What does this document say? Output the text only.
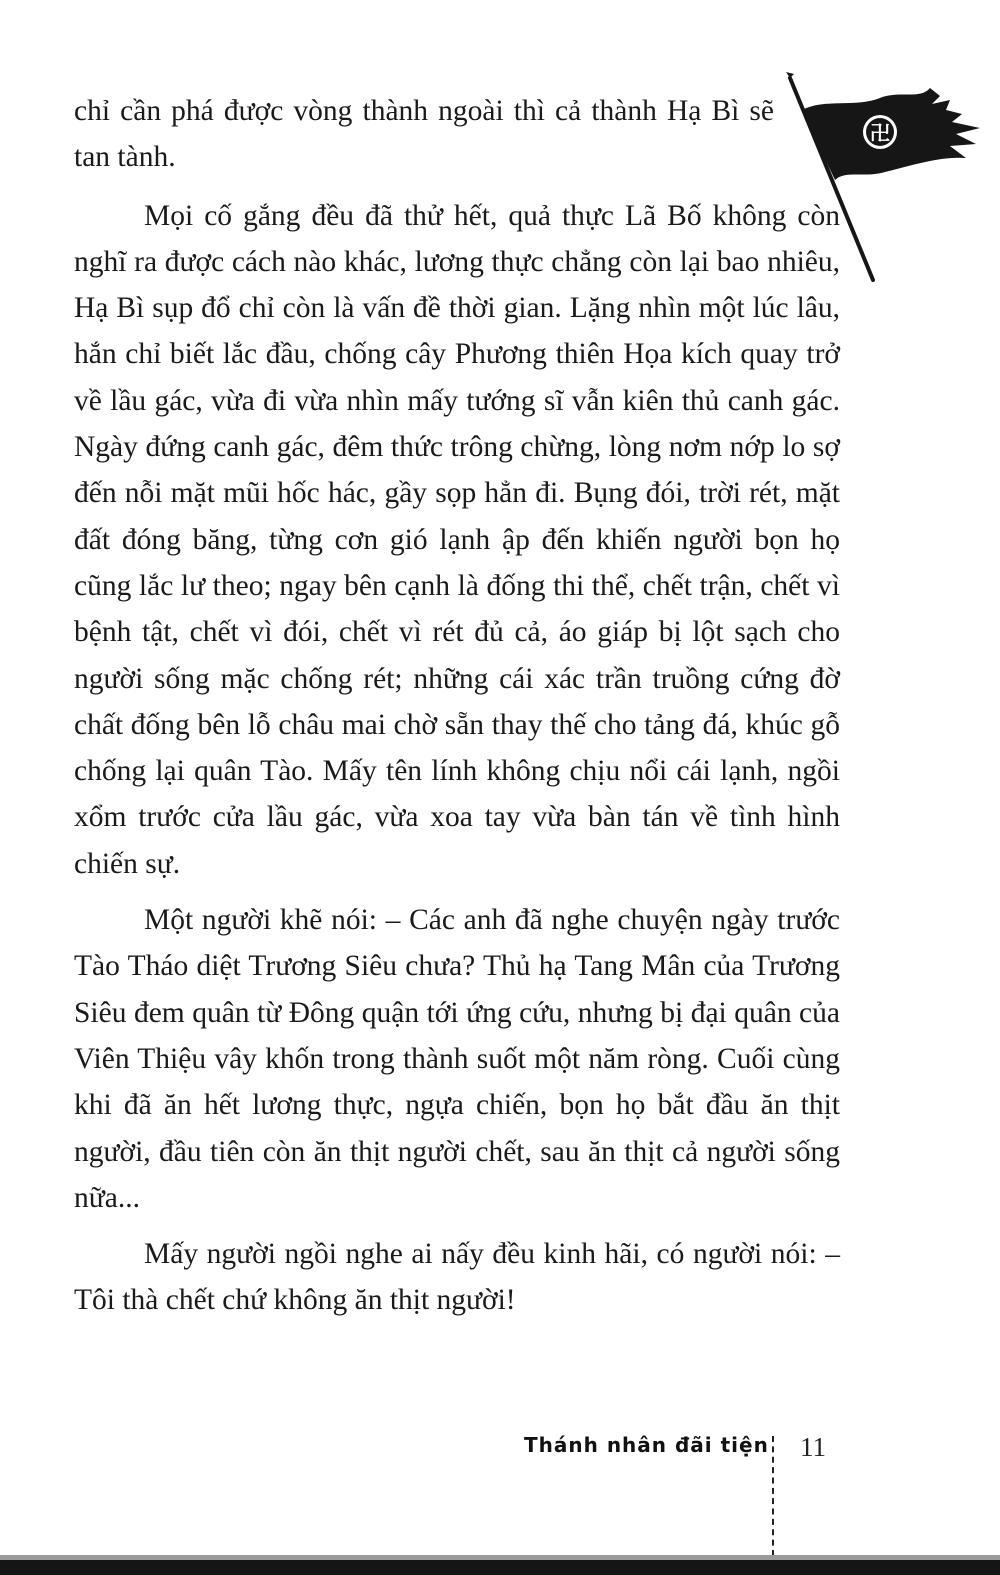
卍

chỉ cần phá được vòng thành ngoài thì cả thành Hạ Bì sẽ tan tành.

Mọi cố gắng đều đã thử hết, quả thực Lã Bố không còn nghĩ ra được cách nào khác, lương thực chẳng còn lại bao nhiêu, Hạ Bì sụp đổ chỉ còn là vấn đề thời gian. Lặng nhìn một lúc lâu, hắn chỉ biết lắc đầu, chống cây Phương thiên Họa kích quay trở về lầu gác, vừa đi vừa nhìn mấy tướng sĩ vẫn kiên thủ canh gác. Ngày đứng canh gác, đêm thức trông chừng, lòng nơm nớp lo sợ đến nỗi mặt mũi hốc hác, gầy sọp hẳn đi. Bụng đói, trời rét, mặt đất đóng băng, từng cơn gió lạnh ập đến khiến người bọn họ cũng lắc lư theo; ngay bên cạnh là đống thi thể, chết trận, chết vì bệnh tật, chết vì đói, chết vì rét đủ cả, áo giáp bị lột sạch cho người sống mặc chống rét; những cái xác trần truồng cứng đờ chất đống bên lỗ châu mai chờ sẵn thay thế cho tảng đá, khúc gỗ chống lại quân Tào. Mấy tên lính không chịu nổi cái lạnh, ngồi xổm trước cửa lầu gác, vừa xoa tay vừa bàn tán về tình hình chiến sự.

Một người khẽ nói: – Các anh đã nghe chuyện ngày trước Tào Tháo diệt Trương Siêu chưa? Thủ hạ Tang Mân của Trương Siêu đem quân từ Đông quận tới ứng cứu, nhưng bị đại quân của Viên Thiệu vây khốn trong thành suốt một năm ròng. Cuối cùng khi đã ăn hết lương thực, ngựa chiến, bọn họ bắt đầu ăn thịt người, đầu tiên còn ăn thịt người chết, sau ăn thịt cả người sống nữa...

Mấy người ngồi nghe ai nấy đều kinh hãi, có người nói: – Tôi thà chết chứ không ăn thịt người!

Thánh nhân đãi tiện 11
